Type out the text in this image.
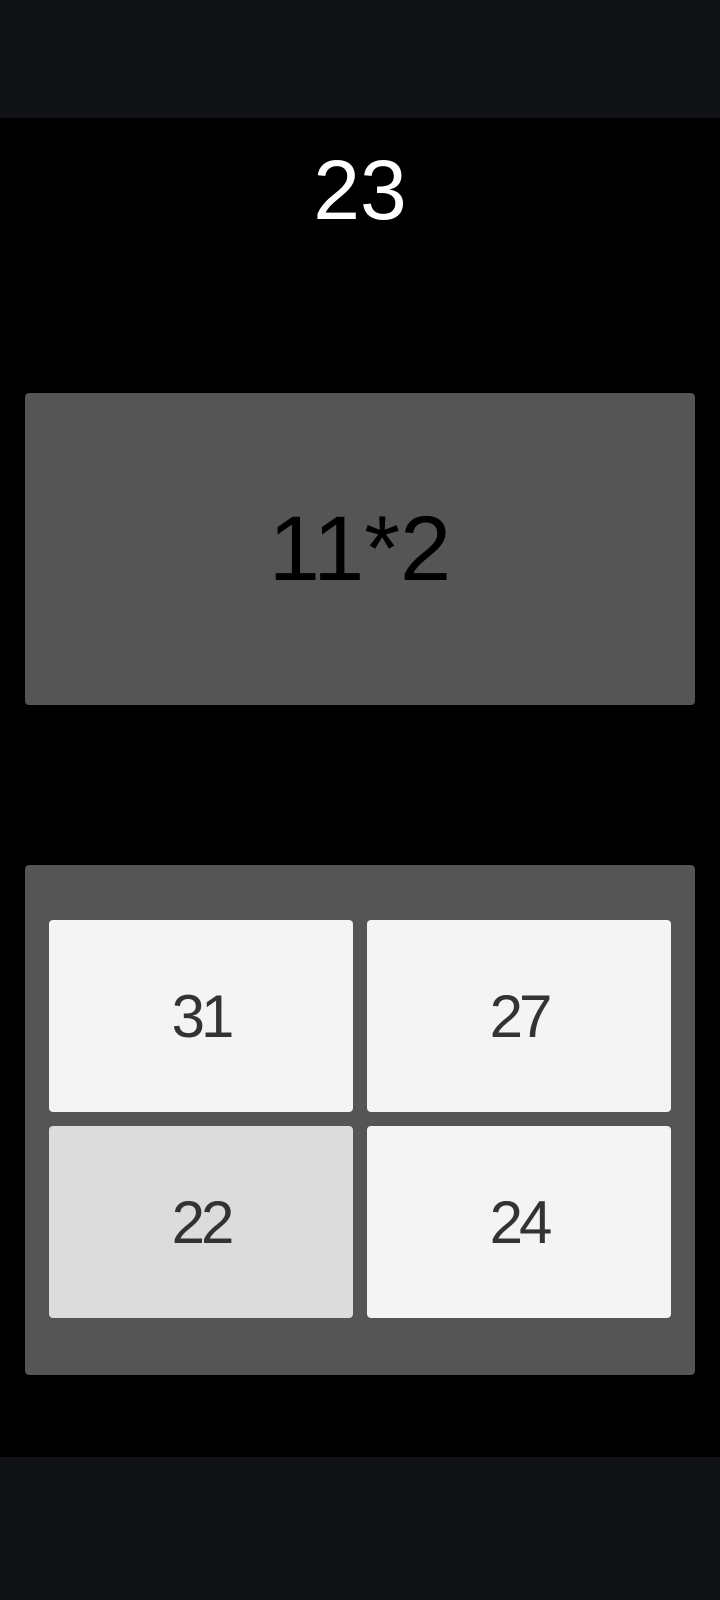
23
11*2
31	27
22	24
